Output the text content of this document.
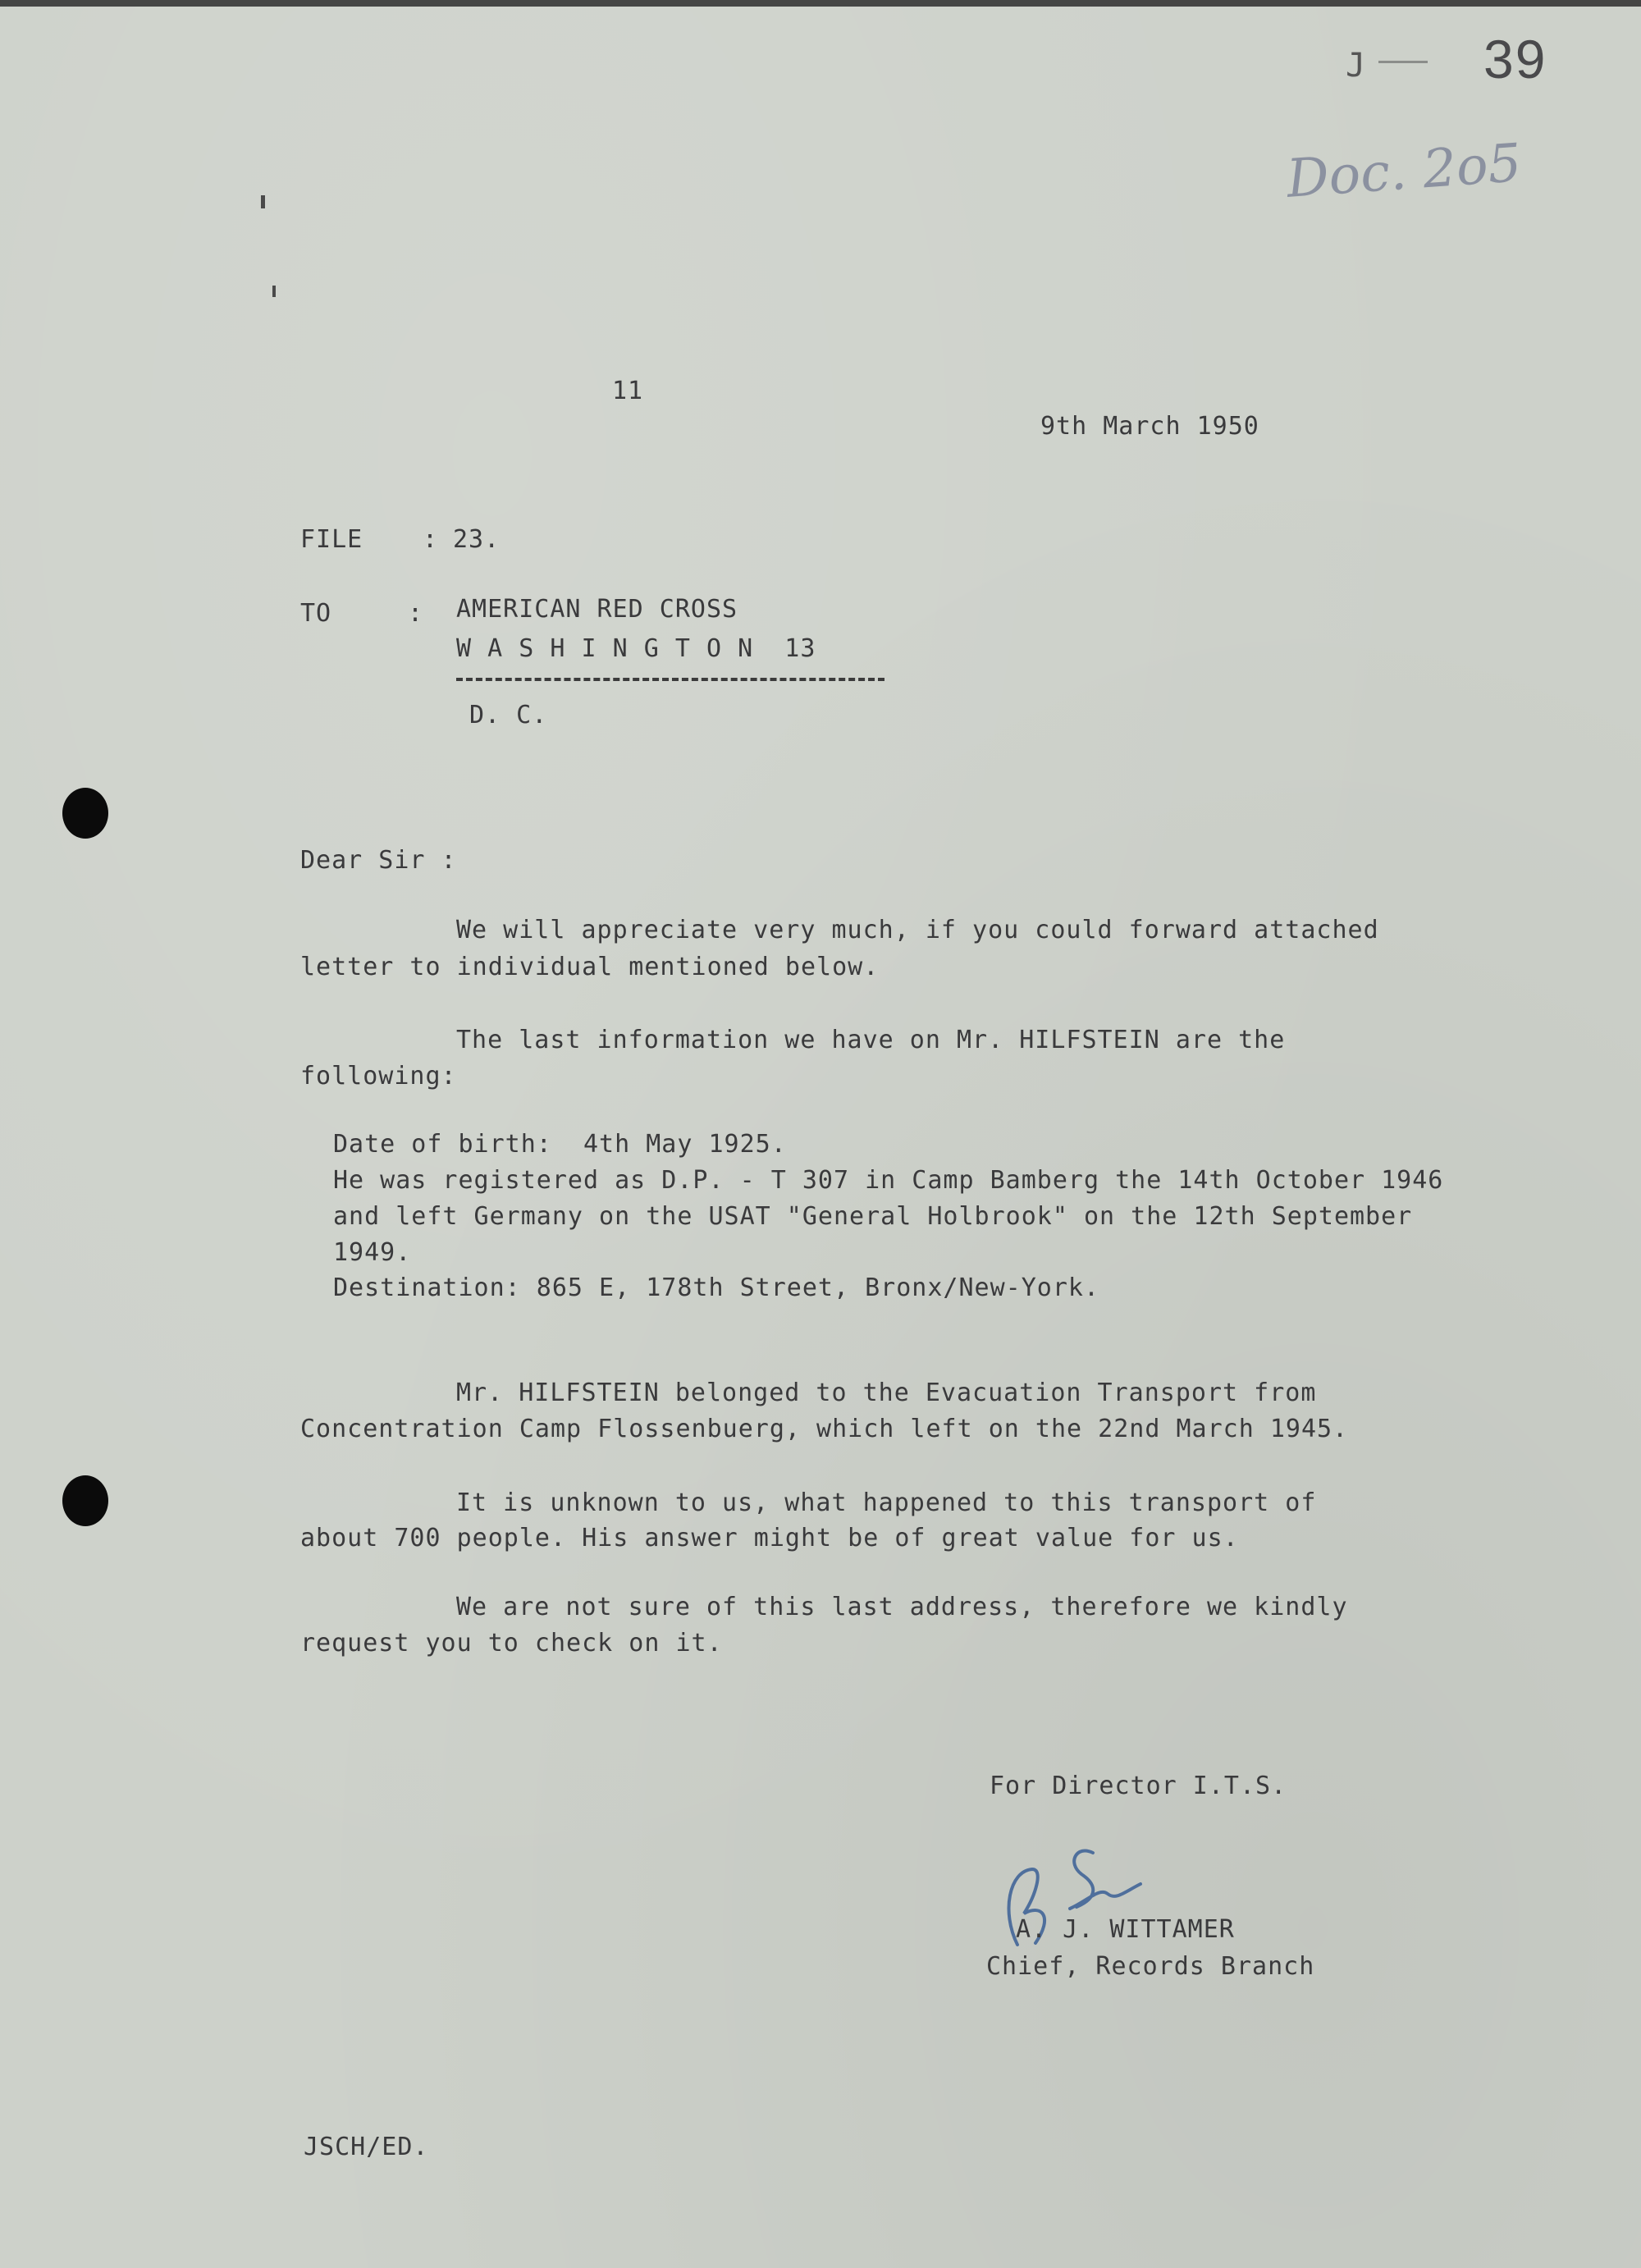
J 39
Doc. 2o5
11
9th March 1950
FILE : 23.
TO	: AMERICAN RED CROSS
W A S H I N G T O N  13
D. C.
Dear Sir :
We will appreciate very much, if you could forward attached
letter to individual mentioned below.
The last information we have on Mr. HILFSTEIN are the
following:
Date of birth:  4th May 1925.
He was registered as D.P. - T 307 in Camp Bamberg the 14th October 1946
and left Germany on the USAT "General Holbrook" on the 12th September
1949.
Destination: 865 E, 178th Street, Bronx/New-York.
Mr. HILFSTEIN belonged to the Evacuation Transport from
Concentration Camp Flossenbuerg, which left on the 22nd March 1945.
It is unknown to us, what happened to this transport of
about 700 people. His answer might be of great value for us.
We are not sure of this last address, therefore we kindly
request you to check on it.
For Director I.T.S.
A. J. WITTAMER
Chief, Records Branch
JSCH/ED.
